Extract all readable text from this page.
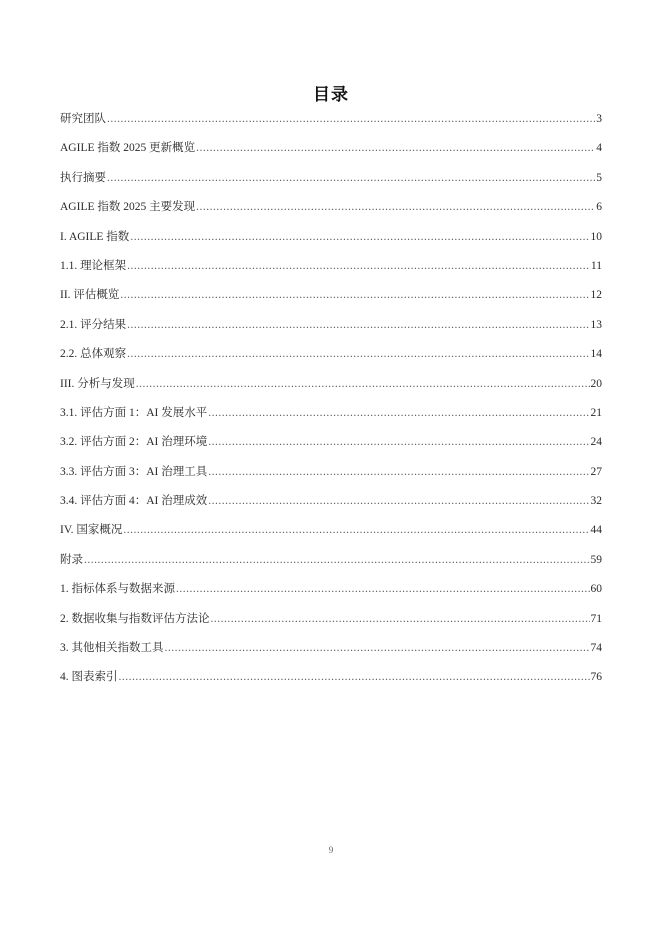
目录
研究团队 .....	3
AGILE 指数 2025 更新概览 .....	4
执行摘要 .....	5
AGILE 指数 2025 主要发现 .....	6
I. AGILE 指数 .....	10
1.1. 理论框架 .....	11
II. 评估概览 .....	12
2.1. 评分结果 .....	13
2.2. 总体观察 .....	14
III. 分析与发现 .....	20
3.1. 评估方面 1：AI 发展水平 .....	21
3.2. 评估方面 2：AI 治理环境 .....	24
3.3. 评估方面 3：AI 治理工具 .....	27
3.4. 评估方面 4：AI 治理成效 .....	32
IV. 国家概况 .....	44
附录 .....	59
1. 指标体系与数据来源 .....	60
2. 数据收集与指数评估方法论 .....	71
3. 其他相关指数工具 .....	74
4. 图表索引 .....	76
9
